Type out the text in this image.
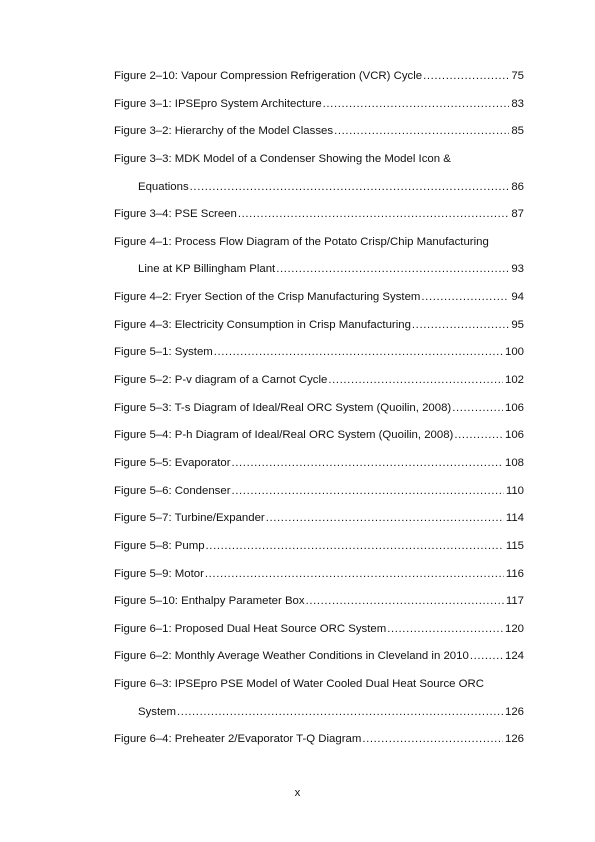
Figure 2–10: Vapour Compression Refrigeration (VCR) Cycle .....	75
Figure 3–1: IPSEpro System Architecture .....	83
Figure 3–2: Hierarchy of the Model Classes .....	85
Figure 3–3: MDK Model of a Condenser Showing the Model Icon &
Equations .....	86
Figure 3–4: PSE Screen .....	87
Figure 4–1: Process Flow Diagram of the Potato Crisp/Chip Manufacturing
Line at KP Billingham Plant .....	93
Figure 4–2: Fryer Section of the Crisp Manufacturing System .....	94
Figure 4–3: Electricity Consumption in Crisp Manufacturing .....	95
Figure 5–1: System .....	100
Figure 5–2: P-v diagram of a Carnot Cycle .....	102
Figure 5–3: T-s Diagram of Ideal/Real ORC System (Quoilin, 2008) .....	106
Figure 5–4: P-h Diagram of Ideal/Real ORC System (Quoilin, 2008) .....	106
Figure 5–5: Evaporator .....	108
Figure 5–6: Condenser .....	110
Figure 5–7: Turbine/Expander .....	114
Figure 5–8: Pump .....	115
Figure 5–9: Motor .....	116
Figure 5–10: Enthalpy Parameter Box .....	117
Figure 6–1: Proposed Dual Heat Source ORC System .....	120
Figure 6–2: Monthly Average Weather Conditions in Cleveland in 2010 .....	124
Figure 6–3: IPSEpro PSE Model of Water Cooled Dual Heat Source ORC
System .....	126
Figure 6–4: Preheater 2/Evaporator T-Q Diagram .....	126
x
